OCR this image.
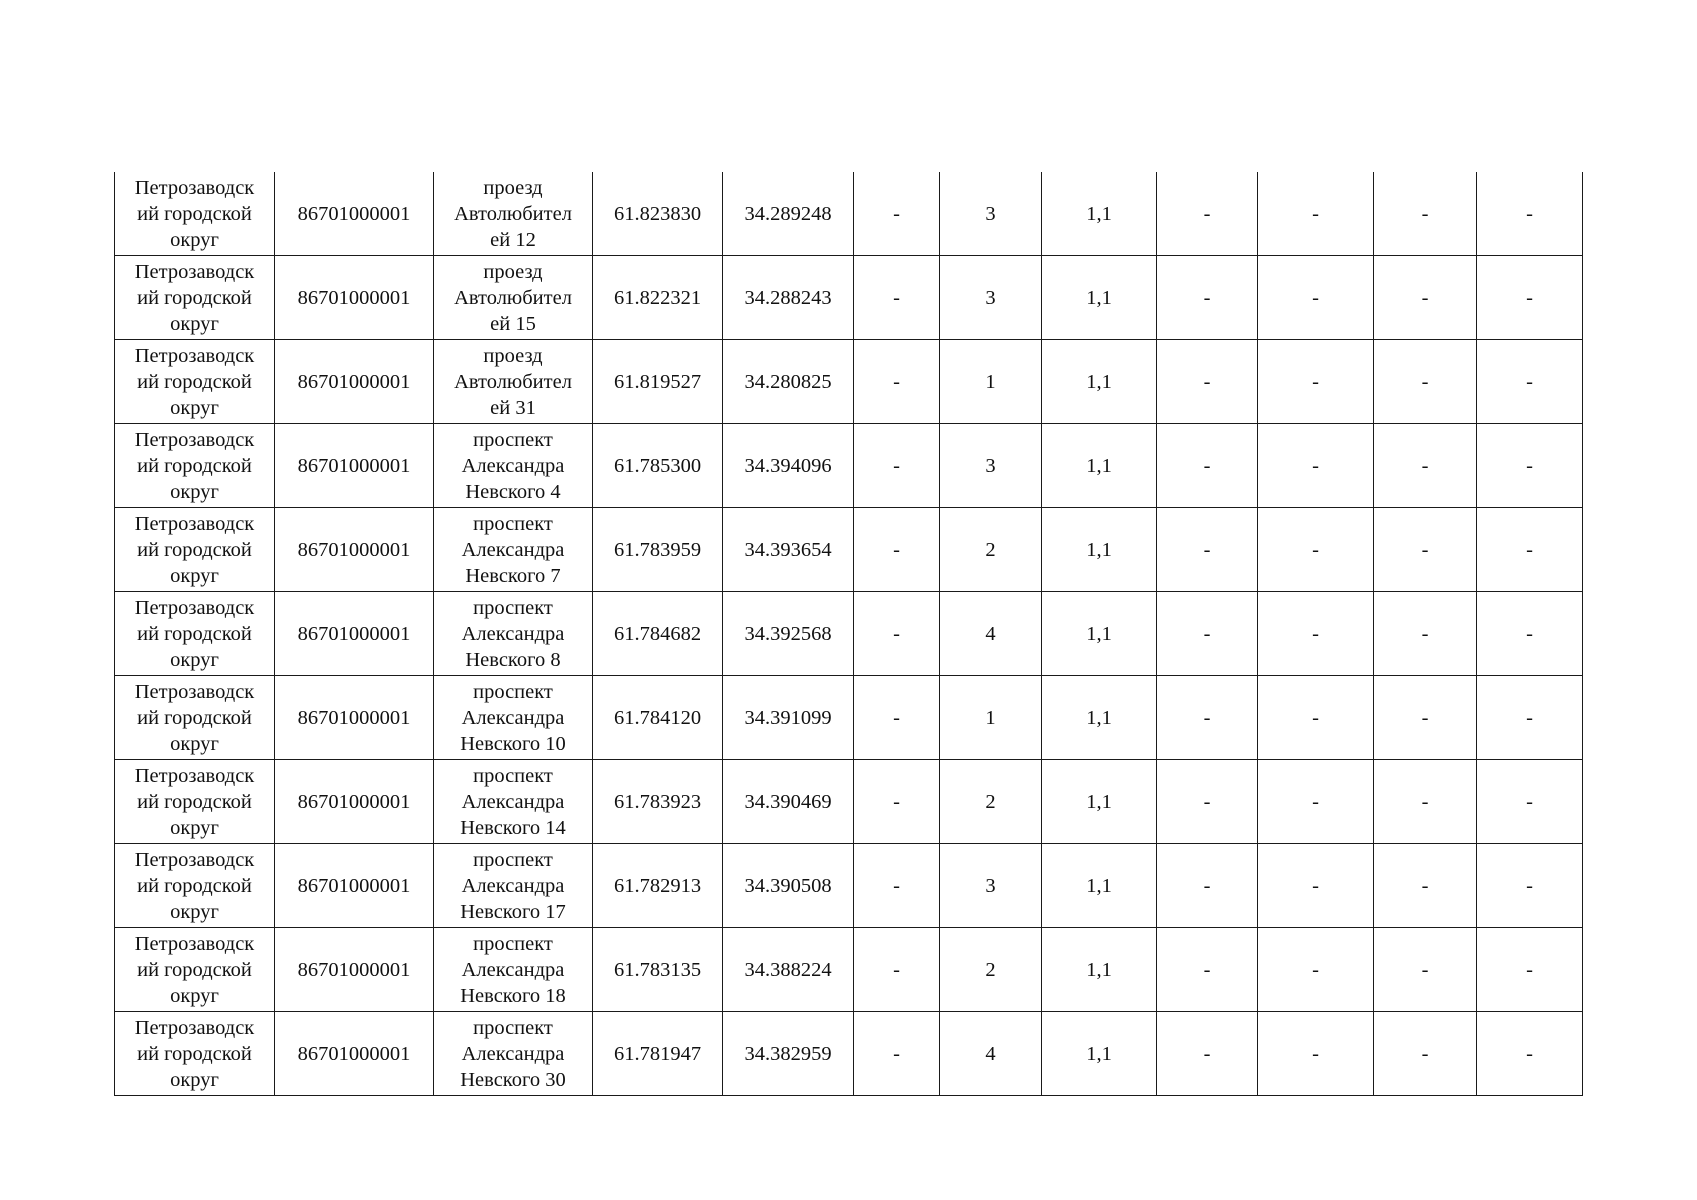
Петрозаводск
ий городской
округ	86701000001	проезд
Автолюбител
ей 12	61.823830	34.289248	-	3	1,1	-	-	-	-
Петрозаводск
ий городской
округ	86701000001	проезд
Автолюбител
ей 15	61.822321	34.288243	-	3	1,1	-	-	-	-
Петрозаводск
ий городской
округ	86701000001	проезд
Автолюбител
ей 31	61.819527	34.280825	-	1	1,1	-	-	-	-
Петрозаводск
ий городской
округ	86701000001	проспект
Александра
Невского 4	61.785300	34.394096	-	3	1,1	-	-	-	-
Петрозаводск
ий городской
округ	86701000001	проспект
Александра
Невского 7	61.783959	34.393654	-	2	1,1	-	-	-	-
Петрозаводск
ий городской
округ	86701000001	проспект
Александра
Невского 8	61.784682	34.392568	-	4	1,1	-	-	-	-
Петрозаводск
ий городской
округ	86701000001	проспект
Александра
Невского 10	61.784120	34.391099	-	1	1,1	-	-	-	-
Петрозаводск
ий городской
округ	86701000001	проспект
Александра
Невского 14	61.783923	34.390469	-	2	1,1	-	-	-	-
Петрозаводск
ий городской
округ	86701000001	проспект
Александра
Невского 17	61.782913	34.390508	-	3	1,1	-	-	-	-
Петрозаводск
ий городской
округ	86701000001	проспект
Александра
Невского 18	61.783135	34.388224	-	2	1,1	-	-	-	-
Петрозаводск
ий городской
округ	86701000001	проспект
Александра
Невского 30	61.781947	34.382959	-	4	1,1	-	-	-	-
